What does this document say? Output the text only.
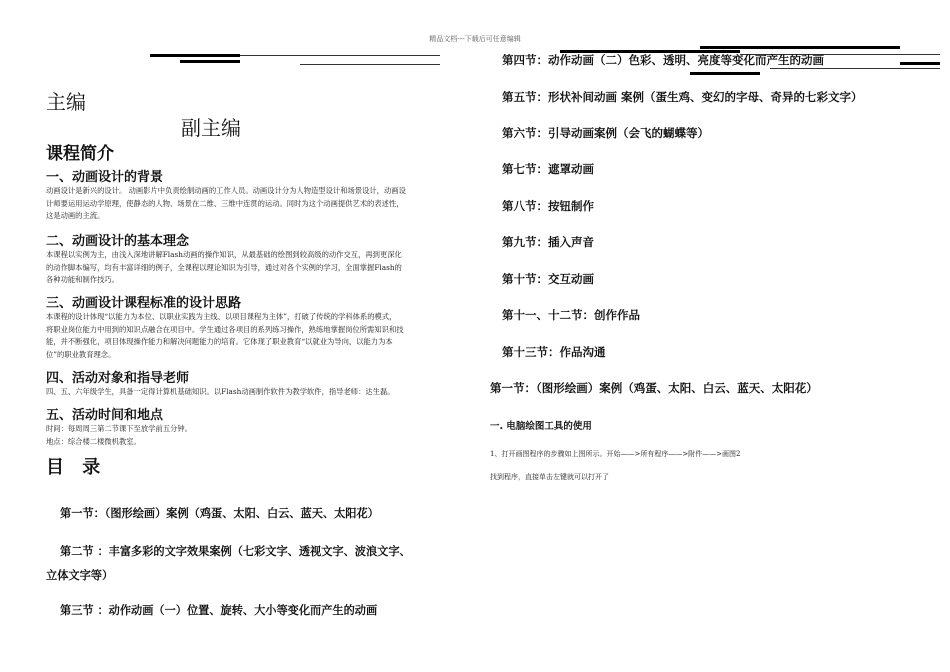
精品文档---下载后可任意编辑
主编
副主编
课程简介
一、动画设计的背景
动画设计是新兴的设计。 动画影片中负责绘制动画的工作人员。动画设计分为人物造型设计和场景设计，动画设
计师要运用运动学原理，使静态的人物、场景在二维、三维中连贯的运动。同时为这个动画提供艺术的表述性，
这是动画的主流。
二、动画设计的基本理念
本课程以实例为主，由浅入深地讲解Flash动画的操作知识，从最基础的绘图到较高级的动作交互，再到更深化
的动作脚本编写，均有丰富详细的例子，全课程以理论知识为引导，通过对各个实例的学习，全面掌握Flash的
各种功能和制作技巧。
三、动画设计课程标准的设计思路
本课程的设计体现“以能力为本位、以职业实践为主线、以项目课程为主体”，打破了传统的学科体系的模式，
将职业岗位能力中用到的知识点融合在项目中。学生通过各项目的系列练习操作，熟练地掌握岗位所需知识和技
能，并不断强化，项目体现操作能力和解决问题能力的培育。它体现了职业教育“以就业为导向，以能力为本
位”的职业教育理念。
四、活动对象和指导老师
四、五、六年级学生，具备一定得计算机基础知识。以Flash动画制作软件为教学软件，指导老师：达生磊。
五、活动时间和地点
时间：每周周三第二节课下至放学前五分钟。
地点：综合楼二楼微机教室。
目 录
第一节：（图形绘画）案例（鸡蛋、太阳、白云、蓝天、太阳花）
第二节 ：丰富多彩的文字效果案例（七彩文字、透视文字、波浪文字、
立体文字等）
第三节 ：动作动画（一）位置、旋转、大小等变化而产生的动画
第四节：动作动画（二）色彩、透明、亮度等变化而产生的动画
第五节：形状补间动画 案例（蛋生鸡、变幻的字母、奇异的七彩文字）
第六节：引导动画案例（会飞的蝴蝶等）
第七节：遮罩动画
第八节：按钮制作
第九节：插入声音
第十节：交互动画
第十一、十二节：创作作品
第十三节：作品沟通
第一节：（图形绘画）案例（鸡蛋、太阳、白云、蓝天、太阳花）
一. 电脑绘图工具的使用
1、打开画图程序的步骤如上图所示。开始——>所有程序——>附件——>画图2
找到程序，直接单击左键就可以打开了
